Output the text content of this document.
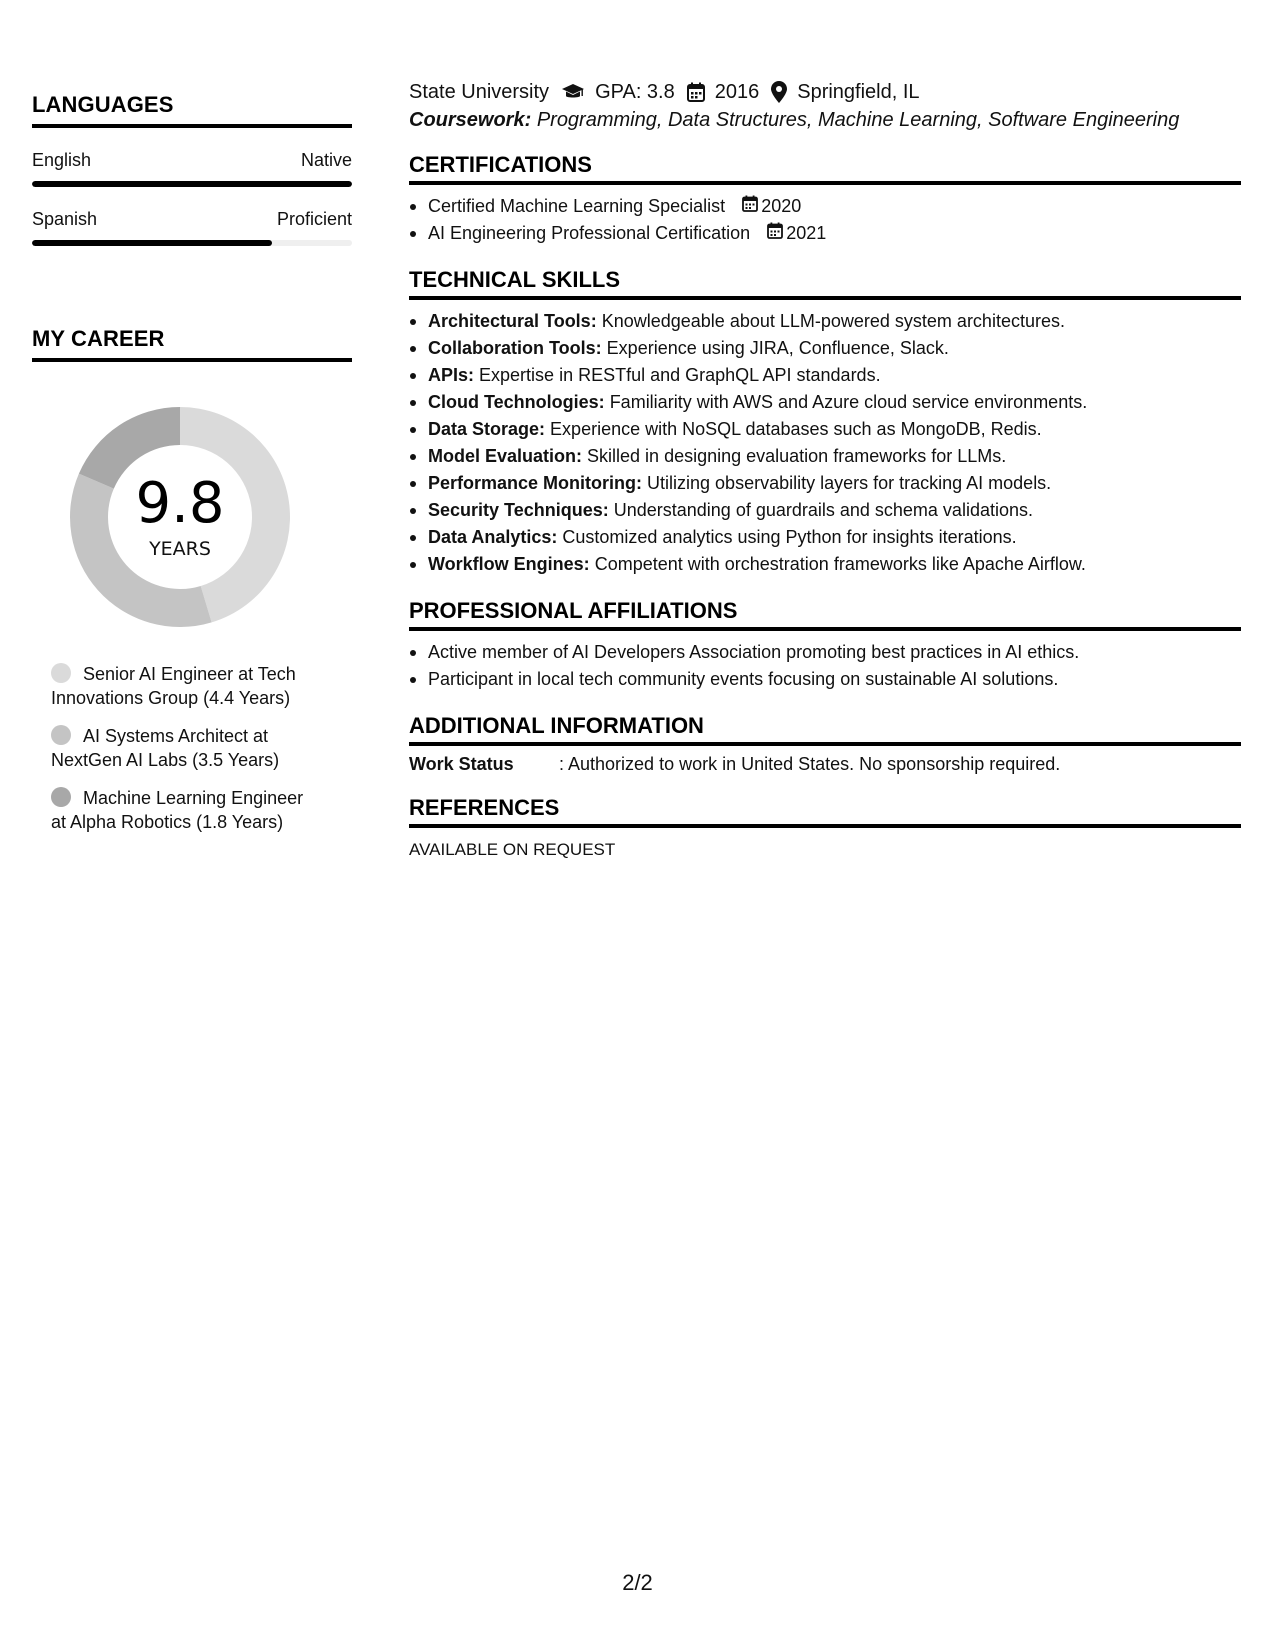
LANGUAGES
English	Native
Spanish	Proficient
MY CAREER
9.8
YEARS
Senior AI Engineer at Tech Innovations Group (4.4 Years)
AI Systems Architect at NextGen AI Labs (3.5 Years)
Machine Learning Engineer at Alpha Robotics (1.8 Years)
State University GPA: 3.8 2016 Springfield, IL
Coursework: Programming, Data Structures, Machine Learning, Software Engineering
CERTIFICATIONS
Certified Machine Learning Specialist 2020
AI Engineering Professional Certification 2021
TECHNICAL SKILLS
Architectural Tools: Knowledgeable about LLM-powered system architectures.
Collaboration Tools: Experience using JIRA, Confluence, Slack.
APIs: Expertise in RESTful and GraphQL API standards.
Cloud Technologies: Familiarity with AWS and Azure cloud service environments.
Data Storage: Experience with NoSQL databases such as MongoDB, Redis.
Model Evaluation: Skilled in designing evaluation frameworks for LLMs.
Performance Monitoring: Utilizing observability layers for tracking AI models.
Security Techniques: Understanding of guardrails and schema validations.
Data Analytics: Customized analytics using Python for insights iterations.
Workflow Engines: Competent with orchestration frameworks like Apache Airflow.
PROFESSIONAL AFFILIATIONS
Active member of AI Developers Association promoting best practices in AI ethics.
Participant in local tech community events focusing on sustainable AI solutions.
ADDITIONAL INFORMATION
Work Status	: Authorized to work in United States. No sponsorship required.
REFERENCES
AVAILABLE ON REQUEST
2/2
